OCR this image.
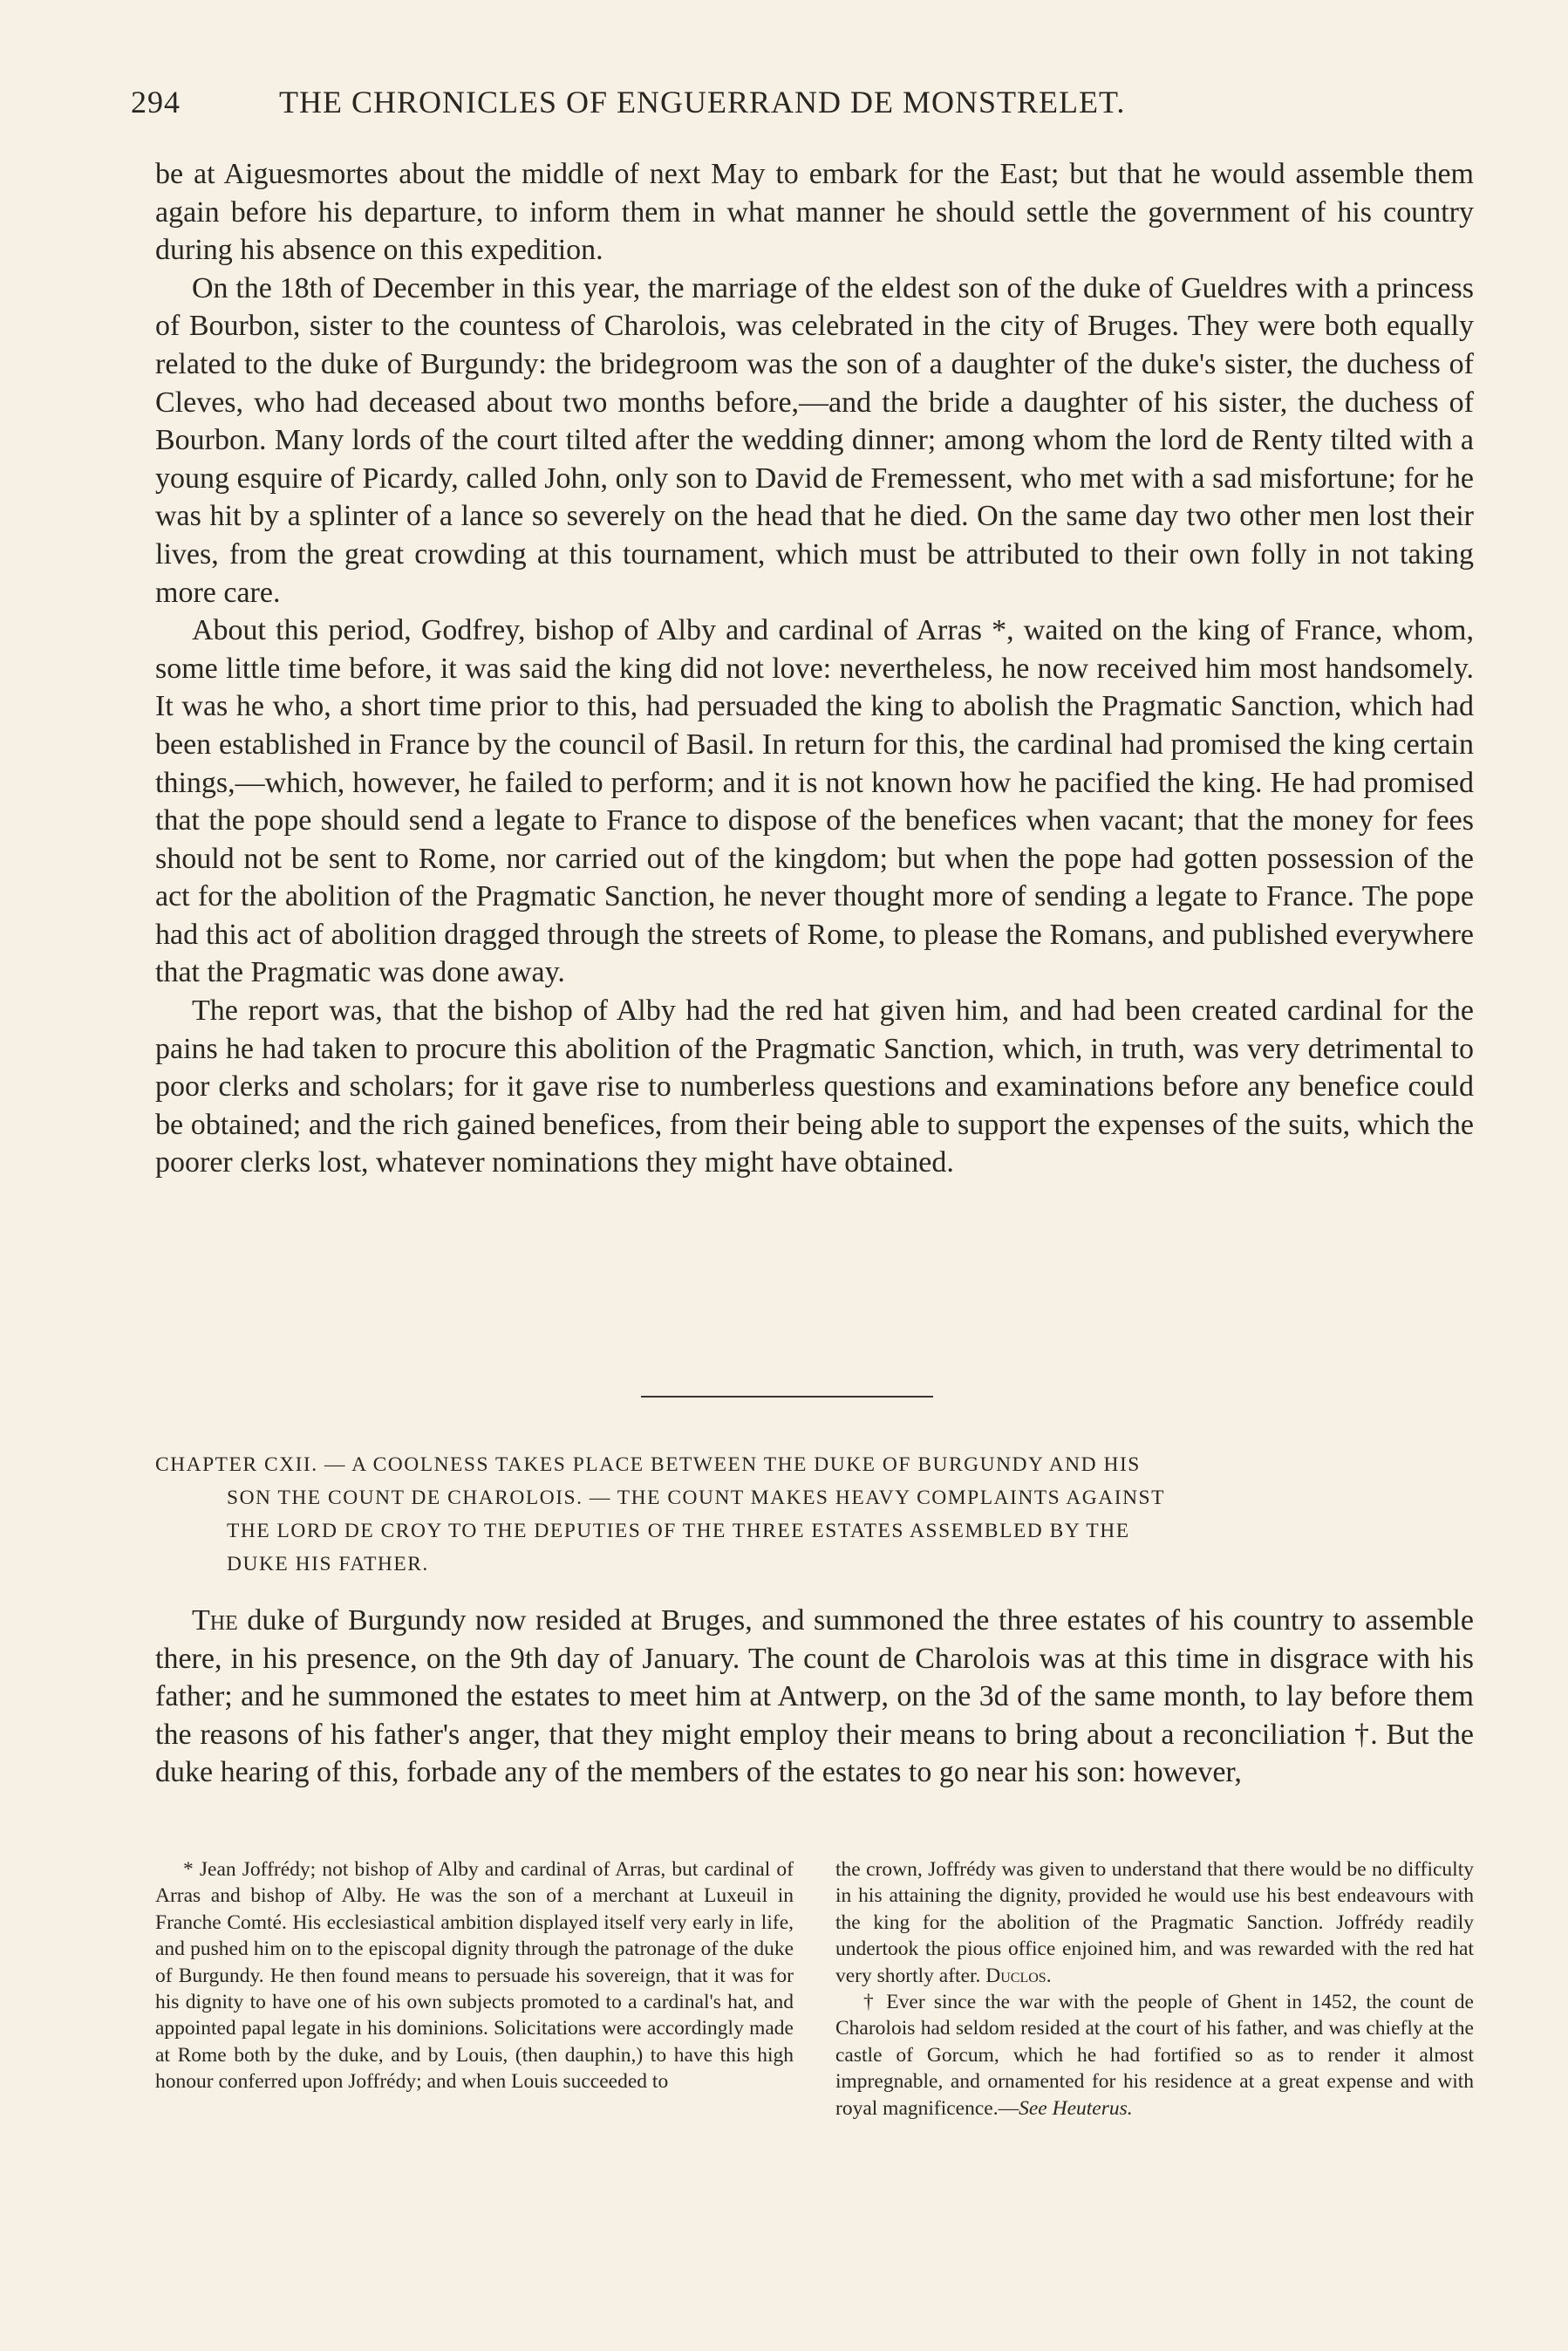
294	THE CHRONICLES OF ENGUERRAND DE MONSTRELET.

be at Aiguesmortes about the middle of next May to embark for the East; but that he would assemble them again before his departure, to inform them in what manner he should settle the government of his country during his absence on this expedition.

On the 18th of December in this year, the marriage of the eldest son of the duke of Gueldres with a princess of Bourbon, sister to the countess of Charolois, was celebrated in the city of Bruges. They were both equally related to the duke of Burgundy: the bridegroom was the son of a daughter of the duke's sister, the duchess of Cleves, who had deceased about two months before,—and the bride a daughter of his sister, the duchess of Bourbon. Many lords of the court tilted after the wedding dinner; among whom the lord de Renty tilted with a young esquire of Picardy, called John, only son to David de Fremessent, who met with a sad misfortune; for he was hit by a splinter of a lance so severely on the head that he died. On the same day two other men lost their lives, from the great crowding at this tournament, which must be attributed to their own folly in not taking more care.

About this period, Godfrey, bishop of Alby and cardinal of Arras *, waited on the king of France, whom, some little time before, it was said the king did not love: nevertheless, he now received him most handsomely. It was he who, a short time prior to this, had persuaded the king to abolish the Pragmatic Sanction, which had been established in France by the council of Basil. In return for this, the cardinal had promised the king certain things,—which, however, he failed to perform; and it is not known how he pacified the king. He had promised that the pope should send a legate to France to dispose of the benefices when vacant; that the money for fees should not be sent to Rome, nor carried out of the kingdom; but when the pope had gotten possession of the act for the abolition of the Pragmatic Sanction, he never thought more of sending a legate to France. The pope had this act of abolition dragged through the streets of Rome, to please the Romans, and published everywhere that the Pragmatic was done away.

The report was, that the bishop of Alby had the red hat given him, and had been created cardinal for the pains he had taken to procure this abolition of the Pragmatic Sanction, which, in truth, was very detrimental to poor clerks and scholars; for it gave rise to numberless questions and examinations before any benefice could be obtained; and the rich gained benefices, from their being able to support the expenses of the suits, which the poorer clerks lost, whatever nominations they might have obtained.

CHAPTER CXII. — A COOLNESS TAKES PLACE BETWEEN THE DUKE OF BURGUNDY AND HIS
SON THE COUNT DE CHAROLOIS. — THE COUNT MAKES HEAVY COMPLAINTS AGAINST
THE LORD DE CROY TO THE DEPUTIES OF THE THREE ESTATES ASSEMBLED BY THE
DUKE HIS FATHER.

The duke of Burgundy now resided at Bruges, and summoned the three estates of his country to assemble there, in his presence, on the 9th day of January. The count de Charolois was at this time in disgrace with his father; and he summoned the estates to meet him at Antwerp, on the 3d of the same month, to lay before them the reasons of his father's anger, that they might employ their means to bring about a reconciliation †. But the duke hearing of this, forbade any of the members of the estates to go near his son: however,

* Jean Joffrédy; not bishop of Alby and cardinal of Arras, but cardinal of Arras and bishop of Alby. He was the son of a merchant at Luxeuil in Franche Comté. His ecclesiastical ambition displayed itself very early in life, and pushed him on to the episcopal dignity through the patronage of the duke of Burgundy. He then found means to persuade his sovereign, that it was for his dignity to have one of his own subjects promoted to a cardinal's hat, and appointed papal legate in his dominions. Solicitations were accordingly made at Rome both by the duke, and by Louis, (then dauphin,) to have this high honour conferred upon Joffrédy; and when Louis succeeded to

the crown, Joffrédy was given to understand that there would be no difficulty in his attaining the dignity, provided he would use his best endeavours with the king for the abolition of the Pragmatic Sanction. Joffrédy readily undertook the pious office enjoined him, and was rewarded with the red hat very shortly after. Duclos.

† Ever since the war with the people of Ghent in 1452, the count de Charolois had seldom resided at the court of his father, and was chiefly at the castle of Gorcum, which he had fortified so as to render it almost impregnable, and ornamented for his residence at a great expense and with royal magnificence.—See Heuterus.
